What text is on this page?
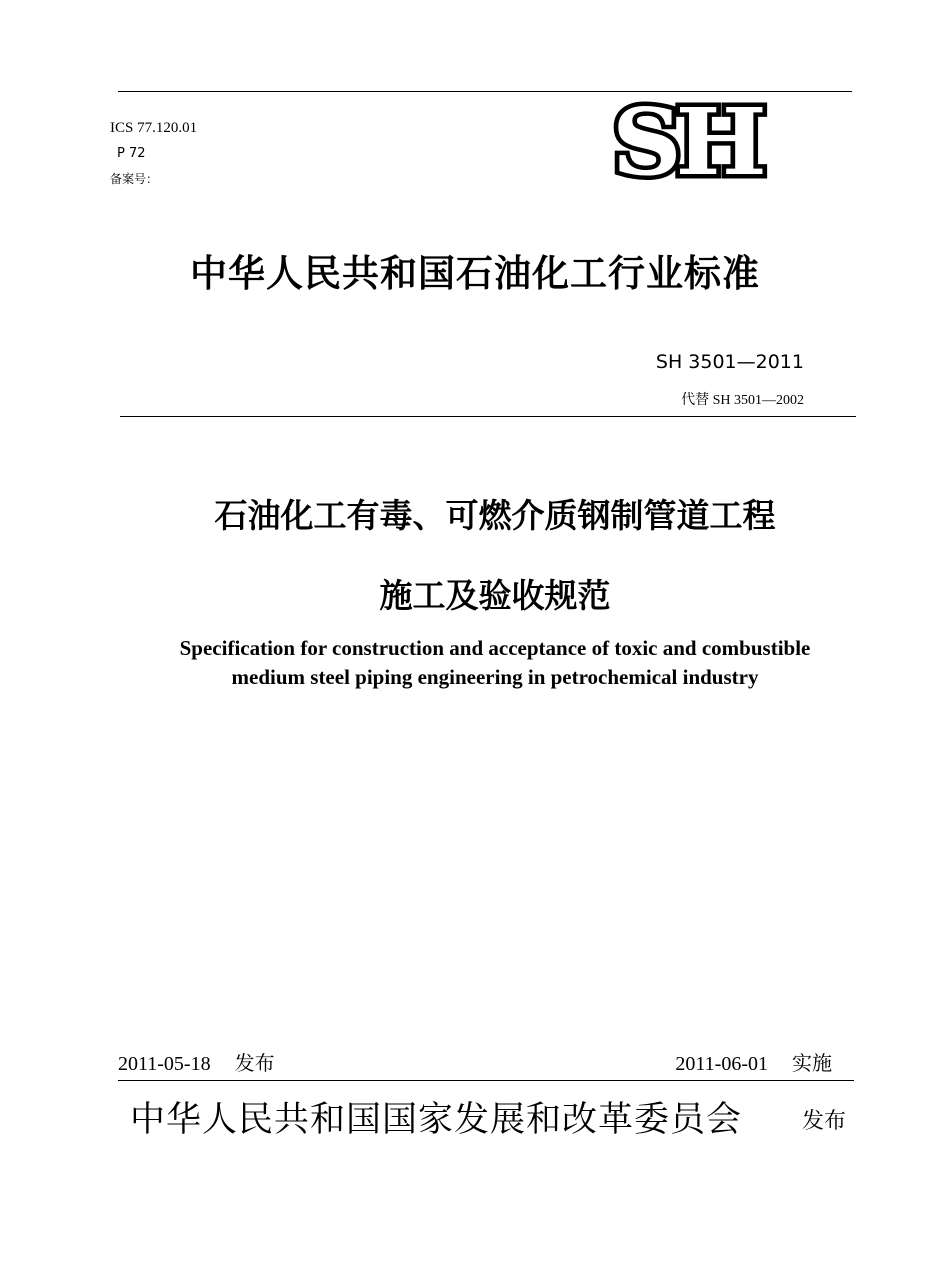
ICS 77.120.01
P 72
备案号：	SH
中华人民共和国石油化工行业标准
SH 3501—2011
代替 SH 3501—2002
石油化工有毒、可燃介质钢制管道工程
施工及验收规范
Specification for construction and acceptance of toxic and combustible
medium steel piping engineering in petrochemical industry
2011-05-18 发布	2011-06-01 实施
中华人民共和国国家发展和改革委员会	发布
